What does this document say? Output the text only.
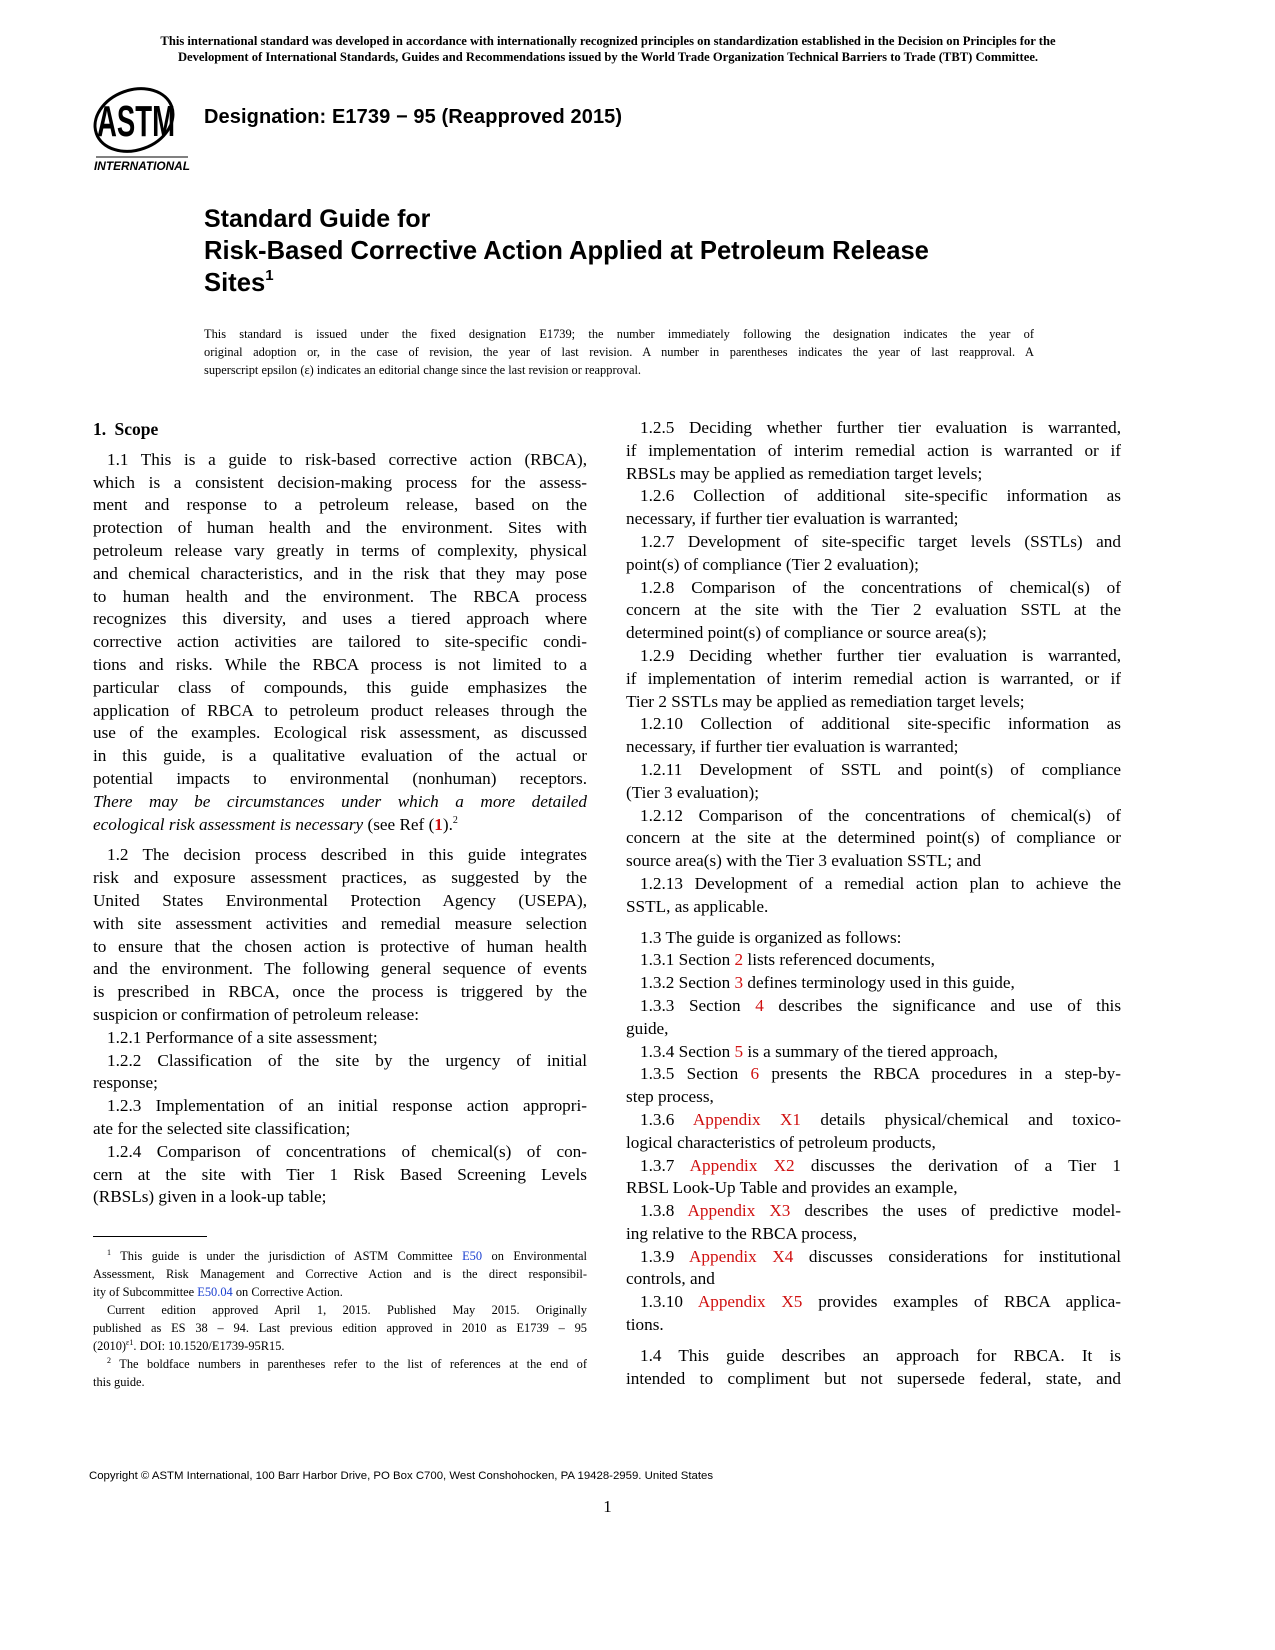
This international standard was developed in accordance with internationally recognized principles on standardization established in the Decision on Principles for the
Development of International Standards, Guides and Recommendations issued by the World Trade Organization Technical Barriers to Trade (TBT) Committee.
ASTM
INTERNATIONAL
Designation: E1739 − 95 (Reapproved 2015)
Standard Guide for
Risk-Based Corrective Action Applied at Petroleum Release
Sites$^1$
This standard is issued under the fixed designation E1739; the number immediately following the designation indicates the year of
original adoption or, in the case of revision, the year of last revision. A number in parentheses indicates the year of last reapproval. A
superscript epsilon (ε) indicates an editorial change since the last revision or reapproval.
1. Scope
1.1 This is a guide to risk-based corrective action (RBCA),
which is a consistent decision-making process for the assess-
ment and response to a petroleum release, based on the
protection of human health and the environment. Sites with
petroleum release vary greatly in terms of complexity, physical
and chemical characteristics, and in the risk that they may pose
to human health and the environment. The RBCA process
recognizes this diversity, and uses a tiered approach where
corrective action activities are tailored to site-specific condi-
tions and risks. While the RBCA process is not limited to a
particular class of compounds, this guide emphasizes the
application of RBCA to petroleum product releases through the
use of the examples. Ecological risk assessment, as discussed
in this guide, is a qualitative evaluation of the actual or
potential impacts to environmental (nonhuman) receptors.
There may be circumstances under which a more detailed
ecological risk assessment is necessary (see Ref (1).$^2$
1.2 The decision process described in this guide integrates
risk and exposure assessment practices, as suggested by the
United States Environmental Protection Agency (USEPA),
with site assessment activities and remedial measure selection
to ensure that the chosen action is protective of human health
and the environment. The following general sequence of events
is prescribed in RBCA, once the process is triggered by the
suspicion or confirmation of petroleum release:
1.2.1 Performance of a site assessment;
1.2.2 Classification of the site by the urgency of initial
response;
1.2.3 Implementation of an initial response action appropri-
ate for the selected site classification;
1.2.4 Comparison of concentrations of chemical(s) of con-
cern at the site with Tier 1 Risk Based Screening Levels
(RBSLs) given in a look-up table;
1.2.5 Deciding whether further tier evaluation is warranted,
if implementation of interim remedial action is warranted or if
RBSLs may be applied as remediation target levels;
1.2.6 Collection of additional site-specific information as
necessary, if further tier evaluation is warranted;
1.2.7 Development of site-specific target levels (SSTLs) and
point(s) of compliance (Tier 2 evaluation);
1.2.8 Comparison of the concentrations of chemical(s) of
concern at the site with the Tier 2 evaluation SSTL at the
determined point(s) of compliance or source area(s);
1.2.9 Deciding whether further tier evaluation is warranted,
if implementation of interim remedial action is warranted, or if
Tier 2 SSTLs may be applied as remediation target levels;
1.2.10 Collection of additional site-specific information as
necessary, if further tier evaluation is warranted;
1.2.11 Development of SSTL and point(s) of compliance
(Tier 3 evaluation);
1.2.12 Comparison of the concentrations of chemical(s) of
concern at the site at the determined point(s) of compliance or
source area(s) with the Tier 3 evaluation SSTL; and
1.2.13 Development of a remedial action plan to achieve the
SSTL, as applicable.
1.3 The guide is organized as follows:
1.3.1 Section 2 lists referenced documents,
1.3.2 Section 3 defines terminology used in this guide,
1.3.3 Section 4 describes the significance and use of this
guide,
1.3.4 Section 5 is a summary of the tiered approach,
1.3.5 Section 6 presents the RBCA procedures in a step-by-
step process,
1.3.6 Appendix X1 details physical/chemical and toxico-
logical characteristics of petroleum products,
1.3.7 Appendix X2 discusses the derivation of a Tier 1
RBSL Look-Up Table and provides an example,
1.3.8 Appendix X3 describes the uses of predictive model-
ing relative to the RBCA process,
1.3.9 Appendix X4 discusses considerations for institutional
controls, and
1.3.10 Appendix X5 provides examples of RBCA applica-
tions.
1.4 This guide describes an approach for RBCA. It is
intended to compliment but not supersede federal, state, and
$^1$ This guide is under the jurisdiction of ASTM Committee E50 on Environmental
Assessment, Risk Management and Corrective Action and is the direct responsibil-
ity of Subcommittee E50.04 on Corrective Action.
Current edition approved April 1, 2015. Published May 2015. Originally
published as ES 38 – 94. Last previous edition approved in 2010 as E1739 – 95
$(2010)^{\varepsilon 1}$. DOI: 10.1520/E1739-95R15.
$^2$ The boldface numbers in parentheses refer to the list of references at the end of
this guide.
Copyright © ASTM International, 100 Barr Harbor Drive, PO Box C700, West Conshohocken, PA 19428-2959. United States
1
